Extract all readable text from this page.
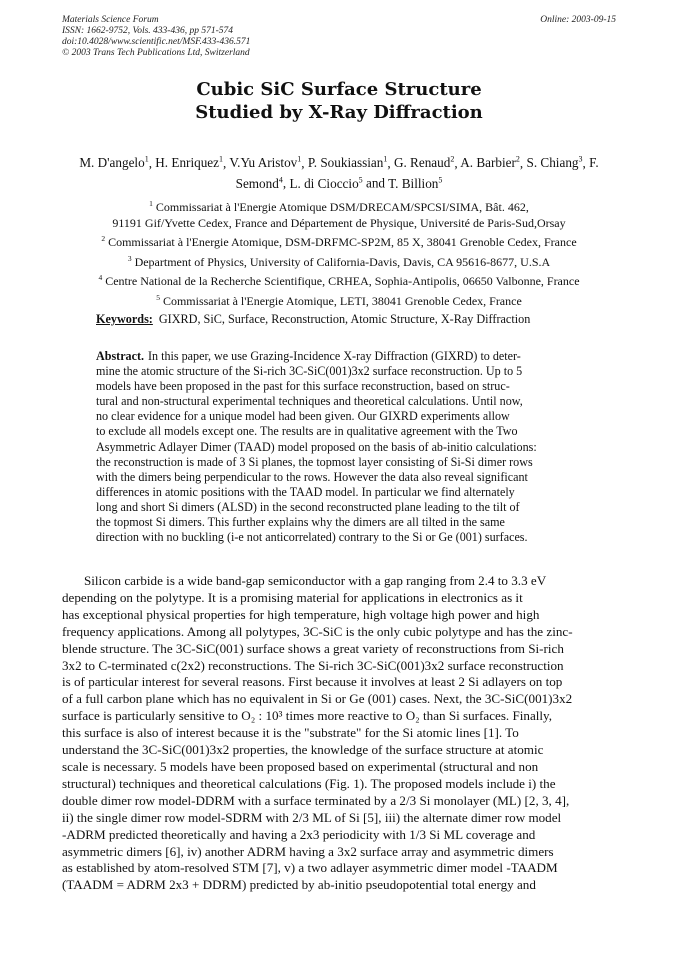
Materials Science Forum
ISSN: 1662-9752, Vols. 433-436, pp 571-574
doi:10.4028/www.scientific.net/MSF.433-436.571
© 2003 Trans Tech Publications Ltd, Switzerland
Online: 2003-09-15
Cubic SiC Surface Structure
Studied by X-Ray Diffraction
M. D'angelo$^1$, H. Enriquez$^1$, V.Yu Aristov$^1$, P. Soukiassian$^1$, G. Renaud$^2$, A. Barbier$^2$, S. Chiang$^3$, F. Semond$^4$, L. di Cioccio$^5$ and T. Billion$^5$
$^1$ Commissariat à l'Energie Atomique DSM/DRECAM/SPCSI/SIMA, Bât. 462,
91191 Gif/Yvette Cedex, France and Département de Physique, Université de Paris-Sud,Orsay
$^2$ Commissariat à l'Energie Atomique, DSM-DRFMC-SP2M, 85 X, 38041 Grenoble Cedex, France
$^3$ Department of Physics, University of California-Davis, Davis, CA 95616-8677, U.S.A
$^4$ Centre National de la Recherche Scientifique, CRHEA, Sophia-Antipolis, 06650 Valbonne, France
$^5$ Commissariat à l'Energie Atomique, LETI, 38041 Grenoble Cedex, France
Keywords: GIXRD, SiC, Surface, Reconstruction, Atomic Structure, X-Ray Diffraction
Abstract. In this paper, we use Grazing-Incidence X-ray Diffraction (GIXRD) to deter-
mine the atomic structure of the Si-rich 3C-SiC(001)3x2 surface reconstruction. Up to 5
models have been proposed in the past for this surface reconstruction, based on struc-
tural and non-structural experimental techniques and theoretical calculations. Until now,
no clear evidence for a unique model had been given. Our GIXRD experiments allow
to exclude all models except one. The results are in qualitative agreement with the Two
Asymmetric Adlayer Dimer (TAAD) model proposed on the basis of ab-initio calculations:
the reconstruction is made of 3 Si planes, the topmost layer consisting of Si-Si dimer rows
with the dimers being perpendicular to the rows. However the data also reveal significant
differences in atomic positions with the TAAD model. In particular we find alternately
long and short Si dimers (ALSD) in the second reconstructed plane leading to the tilt of
the topmost Si dimers. This further explains why the dimers are all tilted in the same
direction with no buckling (i-e not anticorrelated) contrary to the Si or Ge (001) surfaces.
Silicon carbide is a wide band-gap semiconductor with a gap ranging from 2.4 to 3.3 eV
depending on the polytype. It is a promising material for applications in electronics as it
has exceptional physical properties for high temperature, high voltage high power and high
frequency applications. Among all polytypes, 3C-SiC is the only cubic polytype and has the zinc-
blende structure. The 3C-SiC(001) surface shows a great variety of reconstructions from Si-rich
3x2 to C-terminated c(2x2) reconstructions. The Si-rich 3C-SiC(001)3x2 surface reconstruction
is of particular interest for several reasons. First because it involves at least 2 Si adlayers on top
of a full carbon plane which has no equivalent in Si or Ge (001) cases. Next, the 3C-SiC(001)3x2
surface is particularly sensitive to O₂ : 10³ times more reactive to O₂ than Si surfaces. Finally,
this surface is also of interest because it is the "substrate" for the Si atomic lines [1]. To
understand the 3C-SiC(001)3x2 properties, the knowledge of the surface structure at atomic
scale is necessary. 5 models have been proposed based on experimental (structural and non
structural) techniques and theoretical calculations (Fig. 1). The proposed models include i) the
double dimer row model-DDRM with a surface terminated by a 2/3 Si monolayer (ML) [2, 3, 4],
ii) the single dimer row model-SDRM with 2/3 ML of Si [5], iii) the alternate dimer row model
-ADRM predicted theoretically and having a 2x3 periodicity with 1/3 Si ML coverage and
asymmetric dimers [6], iv) another ADRM having a 3x2 surface array and asymmetric dimers
as established by atom-resolved STM [7], v) a two adlayer asymmetric dimer model -TAADM
(TAADM = ADRM 2x3 + DDRM) predicted by ab-initio pseudopotential total energy and
